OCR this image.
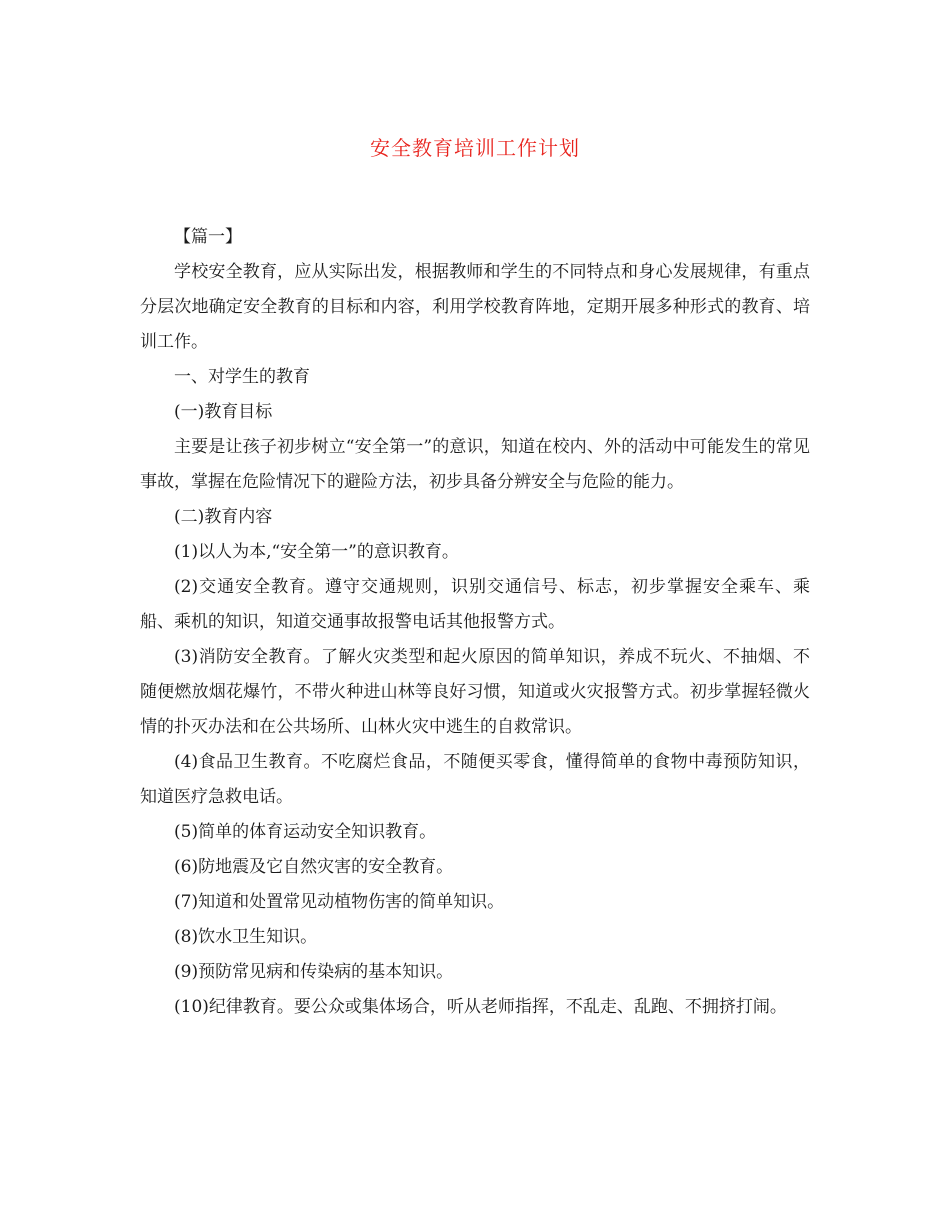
安全教育培训工作计划

【篇一】

学校安全教育，应从实际出发，根据教师和学生的不同特点和身心发展规律，有重点分层次地确定安全教育的目标和内容，利用学校教育阵地，定期开展多种形式的教育、培训工作。

一、对学生的教育

(一)教育目标

主要是让孩子初步树立“安全第一”的意识，知道在校内、外的活动中可能发生的常见事故，掌握在危险情况下的避险方法，初步具备分辨安全与危险的能力。

(二)教育内容

(1)以人为本,“安全第一”的意识教育。

(2)交通安全教育。遵守交通规则，识别交通信号、标志，初步掌握安全乘车、乘船、乘机的知识，知道交通事故报警电话其他报警方式。

(3)消防安全教育。了解火灾类型和起火原因的简单知识，养成不玩火、不抽烟、不随便燃放烟花爆竹，不带火种进山林等良好习惯，知道或火灾报警方式。初步掌握轻微火情的扑灭办法和在公共场所、山林火灾中逃生的自救常识。

(4)食品卫生教育。不吃腐烂食品，不随便买零食，懂得简单的食物中毒预防知识，知道医疗急救电话。

(5)简单的体育运动安全知识教育。

(6)防地震及它自然灾害的安全教育。

(7)知道和处置常见动植物伤害的简单知识。

(8)饮水卫生知识。

(9)预防常见病和传染病的基本知识。

(10)纪律教育。要公众或集体场合，听从老师指挥，不乱走、乱跑、不拥挤打闹。
